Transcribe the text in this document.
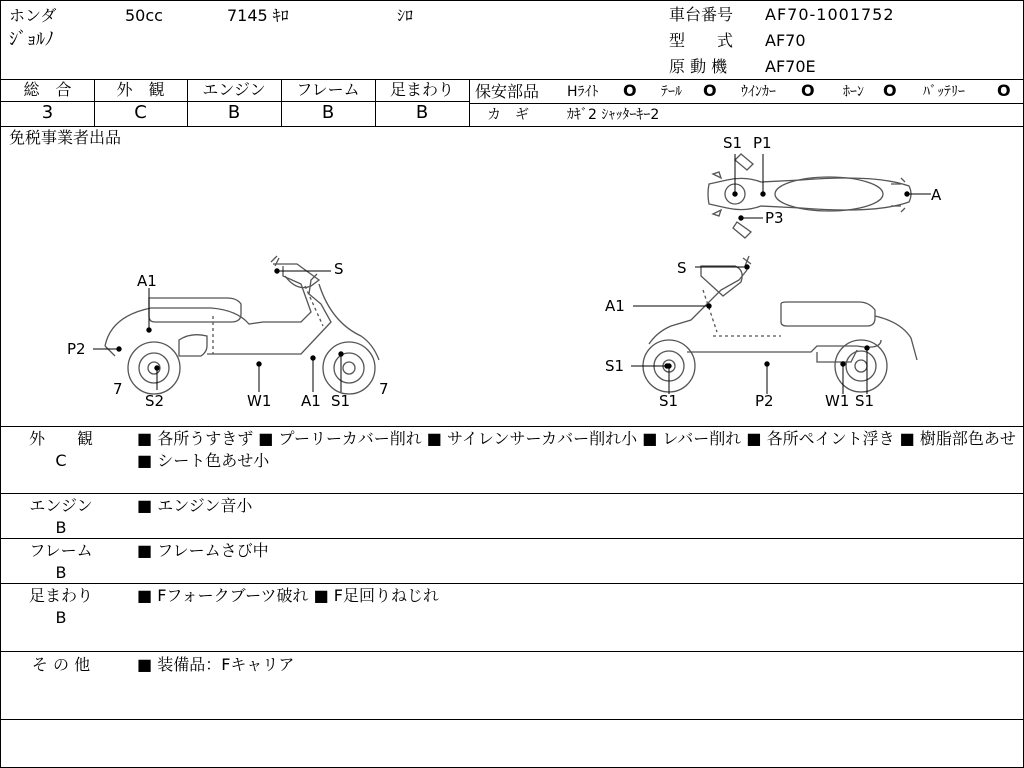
ホンダ	50cc	7145 ｷﾛ	ｼﾛ
ｼﾞｮﾙﾉ
車台番号 AF70-1001752
型　　式 AF70
原 動 機 AF70E
総　合
3
外　観
C
エンジン
B
フレーム
B
足まわり
B
保安部品 Hﾗｲﾄ O ﾃｰﾙ O ｳｲﾝｶｰ O ﾎｰﾝ O ﾊﾞｯﾃﾘｰ O
カ　ギ	ｶｷﾞ2 ｼｬｯﾀｰｷｰ2
免税事業者出品
S
A1
P2
7
S2	W1 A1 S1
7
S
A1
S1
S1	P2	W1 S1
S1 P1
A
P3
外　　観
C
■ 各所うすきず ■ プーリーカバー削れ ■ サイレンサーカバー削れ小 ■ レバー削れ ■ 各所ペイント浮き ■ 樹脂部色あせ ■ シート色あせ小
エンジン
B
■ エンジン音小
フレーム
B
■ フレームさび中
足まわり
B
■ Fフォークブーツ破れ ■ F足回りねじれ
そ の 他	■ 装備品：Fキャリア
